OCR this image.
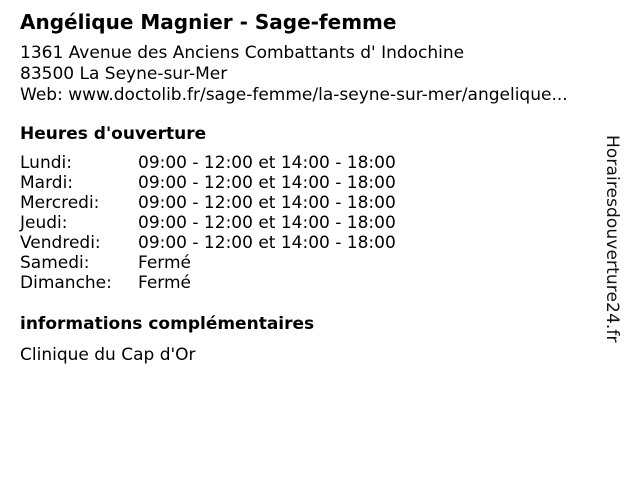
Angélique Magnier - Sage-femme
1361 Avenue des Anciens Combattants d' Indochine
83500 La Seyne-sur-Mer
Web: www.doctolib.fr/sage-femme/la-seyne-sur-mer/angelique...
Heures d'ouverture
Lundi:	09:00 - 12:00 et 14:00 - 18:00
Mardi:	09:00 - 12:00 et 14:00 - 18:00
Mercredi: 09:00 - 12:00 et 14:00 - 18:00
Jeudi:	09:00 - 12:00 et 14:00 - 18:00
Vendredi: 09:00 - 12:00 et 14:00 - 18:00
Samedi:	Fermé
Dimanche: Fermé
informations complémentaires
Clinique du Cap d'Or
Horairesdouverture24.fr
